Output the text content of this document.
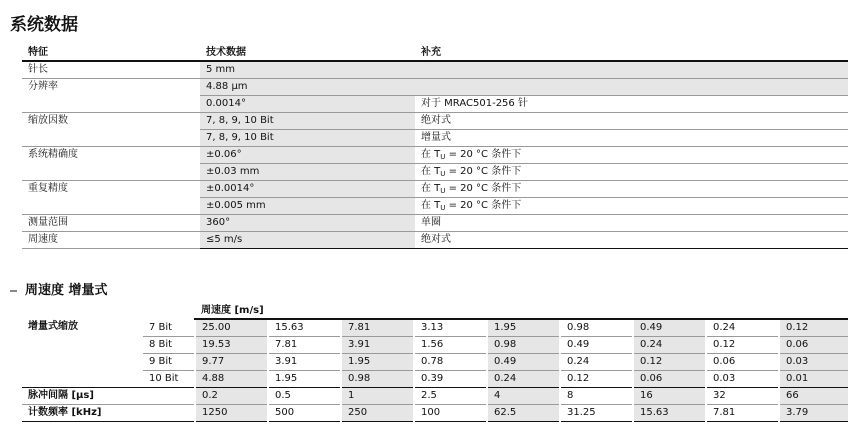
系统数据
特征	技术数据	补充
针长	5 mm	
分辨率	4.88 μm	
	0.0014°	对于 MRAC501-256 针
缩放因数	7, 8, 9, 10 Bit	绝对式
	7, 8, 9, 10 Bit	增量式
系统精确度	±0.06°	在 $T_U = 20$ °C 条件下
	±0.03 mm	在 $T_U = 20$ °C 条件下
重复精度	±0.0014°	在 $T_U = 20$ °C 条件下
	±0.005 mm	在 $T_U = 20$ °C 条件下
测量范围	360°	单圈
周速度	≤5 m/s	绝对式
周速度 增量式
		周速度 [m/s]								
增量式缩放	7 Bit	25.00	15.63	7.81	3.13	1.95	0.98	0.49	0.24	0.12
	8 Bit	19.53	7.81	3.91	1.56	0.98	0.49	0.24	0.12	0.06
	9 Bit	9.77	3.91	1.95	0.78	0.49	0.24	0.12	0.06	0.03
	10 Bit	4.88	1.95	0.98	0.39	0.24	0.12	0.06	0.03	0.01
脉冲间隔 [μs]		0.2	0.5	1	2.5	4	8	16	32	66
计数频率 [kHz]		1250	500	250	100	62.5	31.25	15.63	7.81	3.79
